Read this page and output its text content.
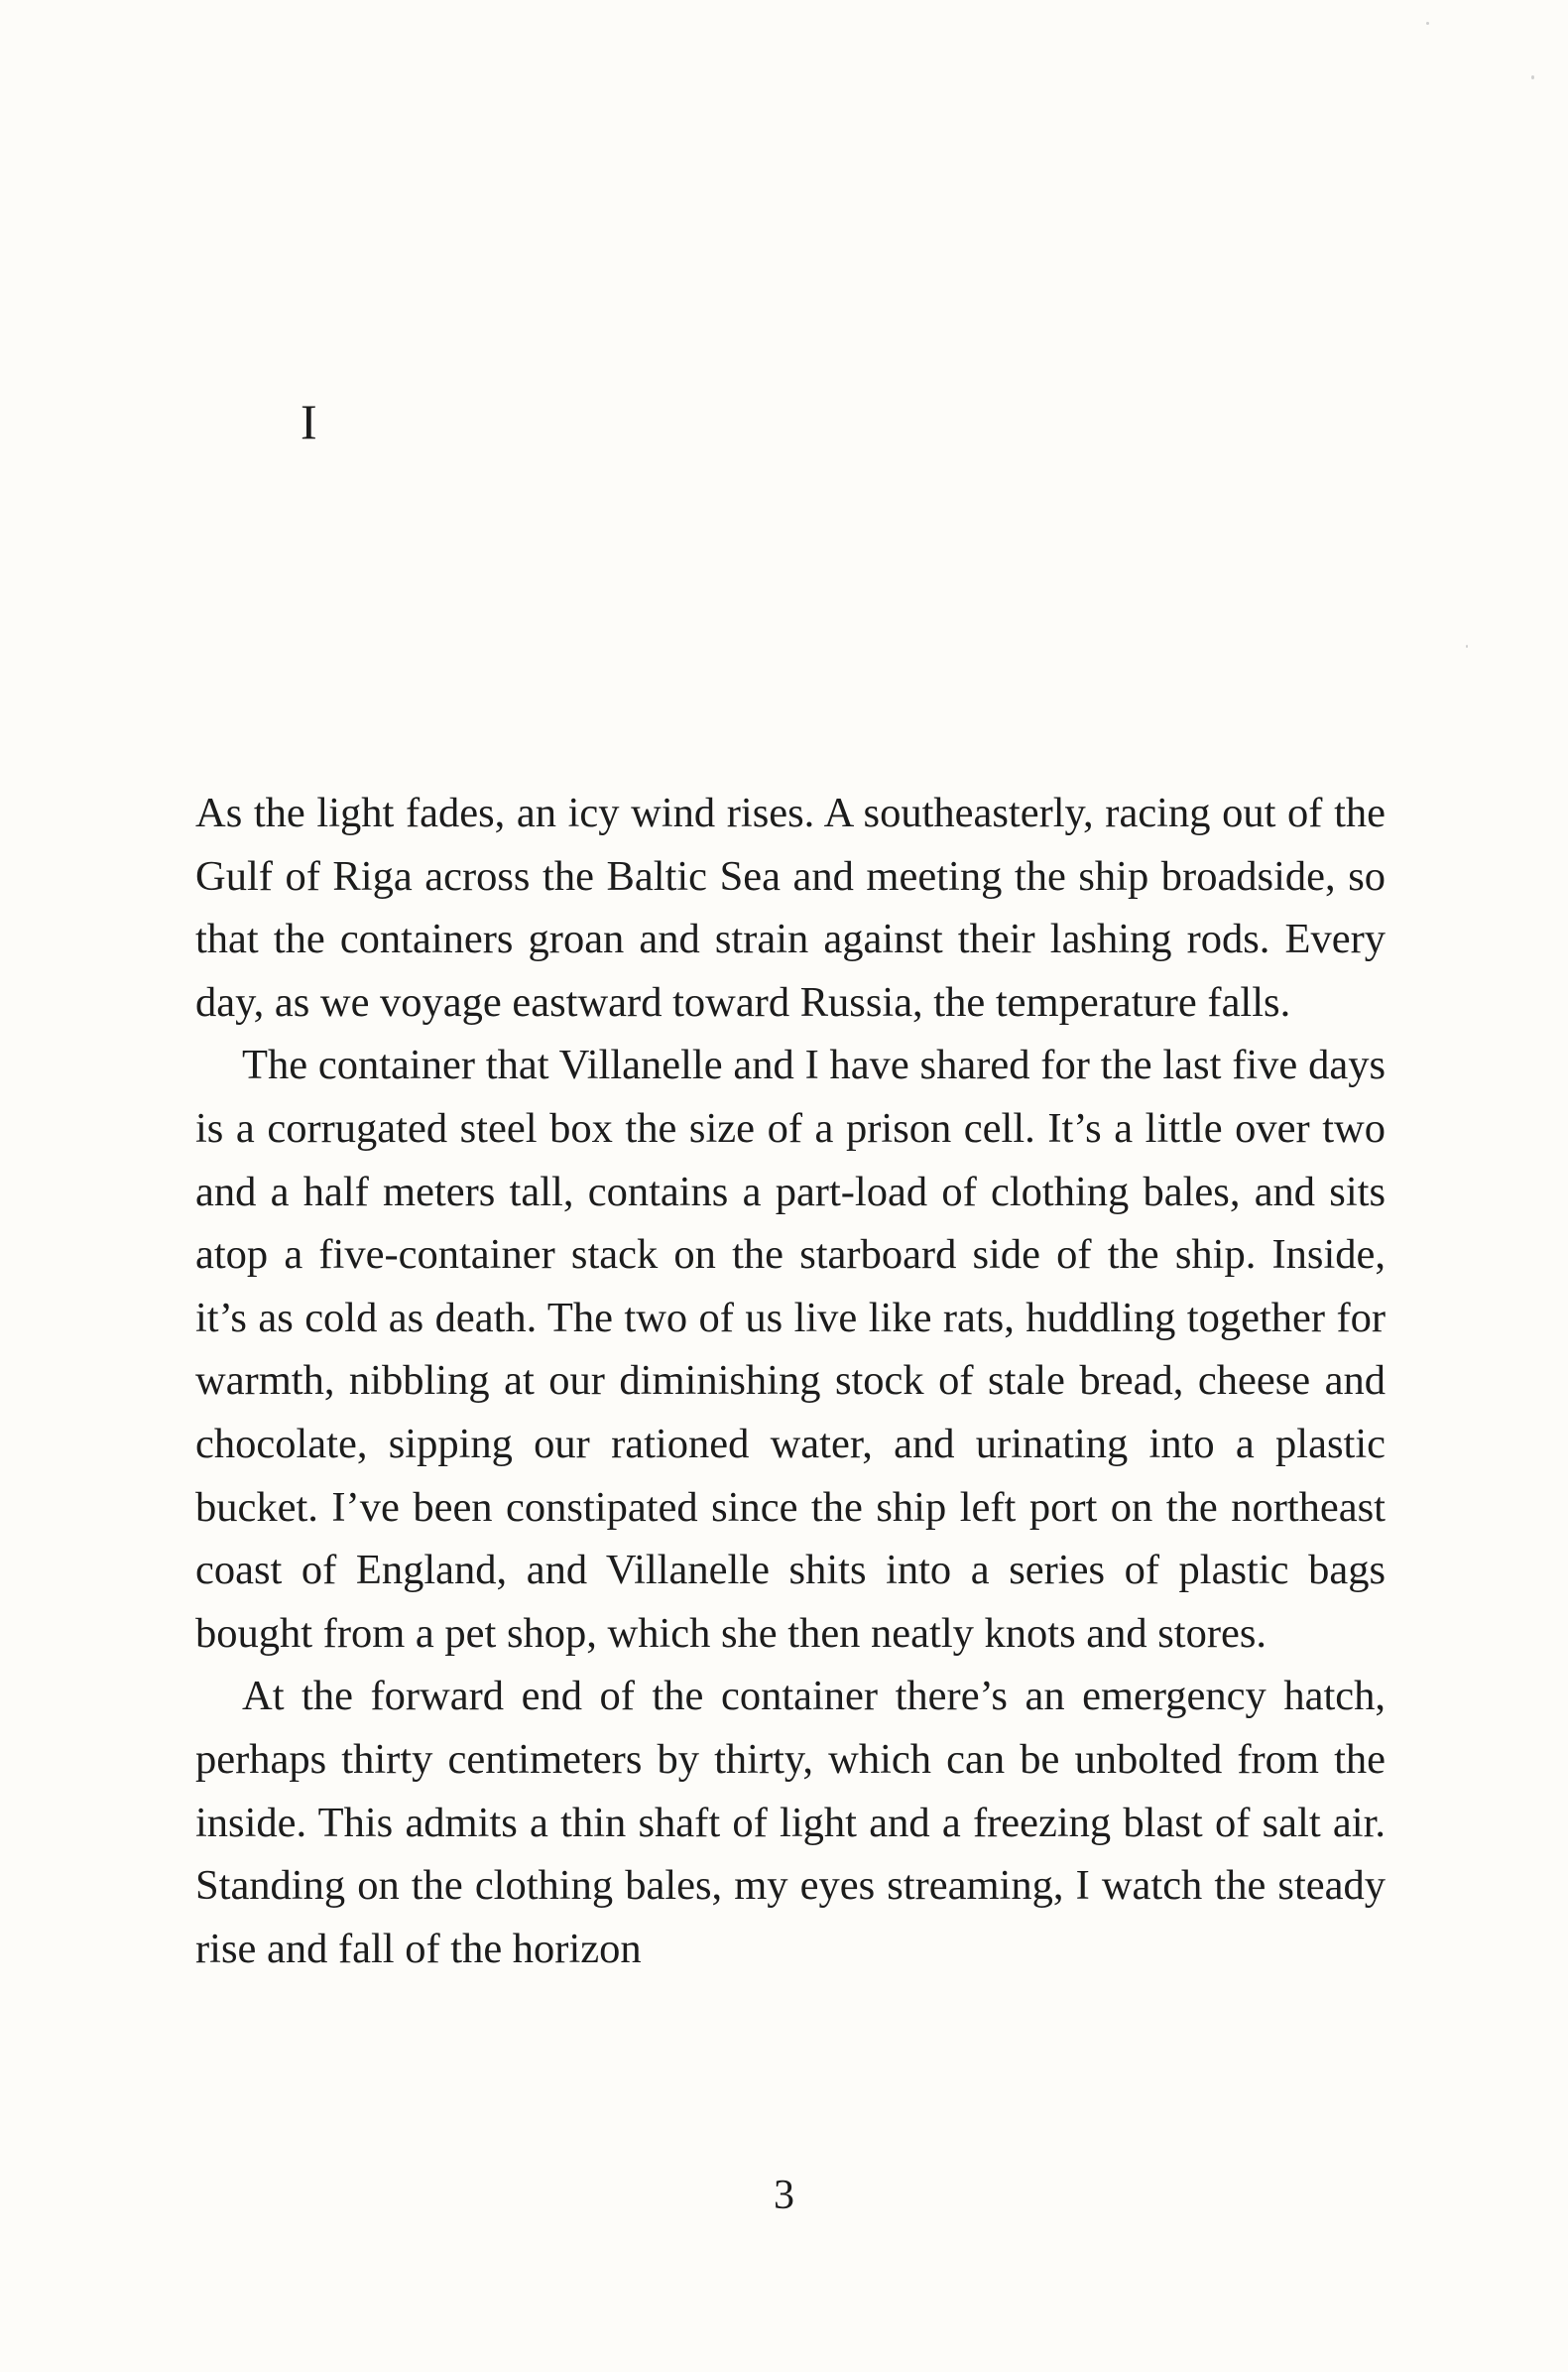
I

As the light fades, an icy wind rises. A southeasterly, racing out of the Gulf of Riga across the Baltic Sea and meeting the ship broadside, so that the containers groan and strain against their lashing rods. Every day, as we voyage eastward toward Russia, the temperature falls.

The container that Villanelle and I have shared for the last five days is a corrugated steel box the size of a prison cell. It’s a little over two and a half meters tall, contains a part-load of clothing bales, and sits atop a five-container stack on the starboard side of the ship. Inside, it’s as cold as death. The two of us live like rats, huddling together for warmth, nibbling at our diminishing stock of stale bread, cheese and chocolate, sipping our rationed water, and urinating into a plastic bucket. I’ve been constipated since the ship left port on the northeast coast of England, and Villanelle shits into a series of plastic bags bought from a pet shop, which she then neatly knots and stores.

At the forward end of the container there’s an emergency hatch, perhaps thirty centimeters by thirty, which can be unbolted from the inside. This admits a thin shaft of light and a freezing blast of salt air. Standing on the clothing bales, my eyes streaming, I watch the steady rise and fall of the horizon

3
